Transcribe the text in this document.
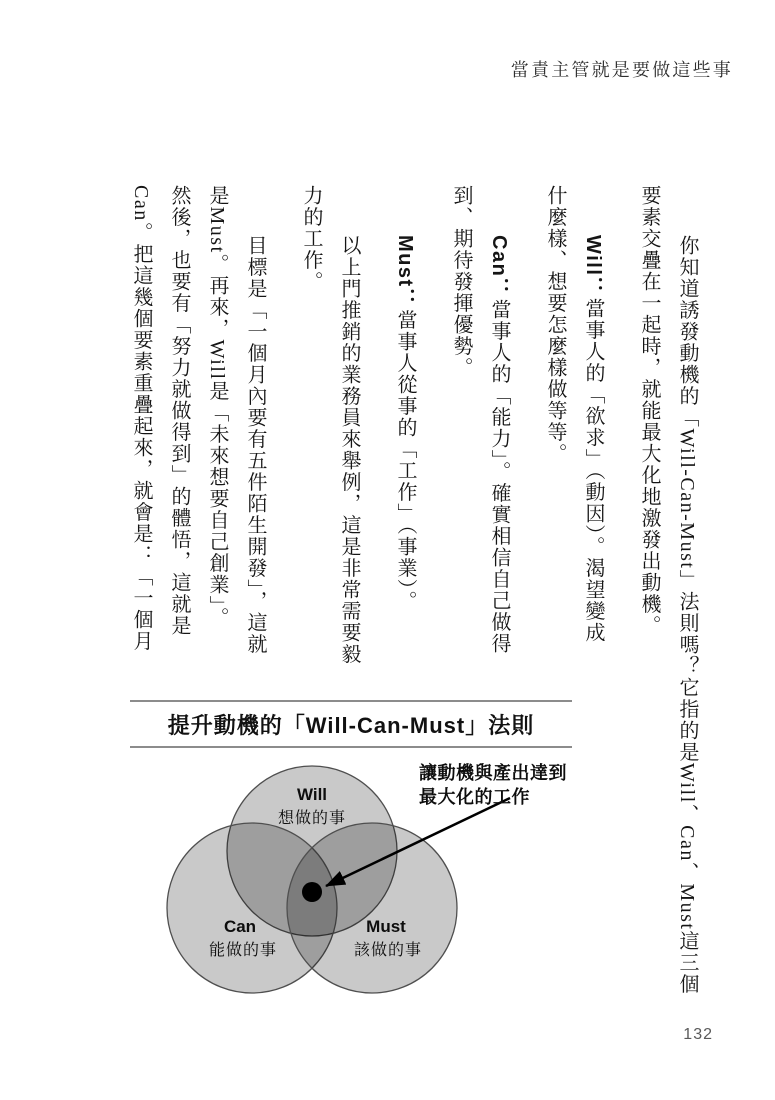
當責主管就是要做這些事
你知道誘發動機的「Will-Can-Must」法則嗎？它指的是Will、Can、Must這三個
要素交疊在一起時，就能最大化地激發出動機。
Will：當事人的「欲求」（動因）。渴望變成
什麼樣、想要怎麼樣做等等。
Can：當事人的「能力」。確實相信自己做得
到、期待發揮優勢。
Must：當事人從事的「工作」（事業）。
以上門推銷的業務員來舉例，這是非常需要毅
力的工作。
目標是「一個月內要有五件陌生開發」，這就
是Must。再來，Will是「未來想要自己創業」。
然後，也要有「努力就做得到」的體悟，這就是
Can。把這幾個要素重疊起來，就會是：「一個月
提升動機的「Will-Can-Must」法則
Will
想做的事
Can
能做的事
Must
該做的事
讓動機與產出達到
最大化的工作
132
